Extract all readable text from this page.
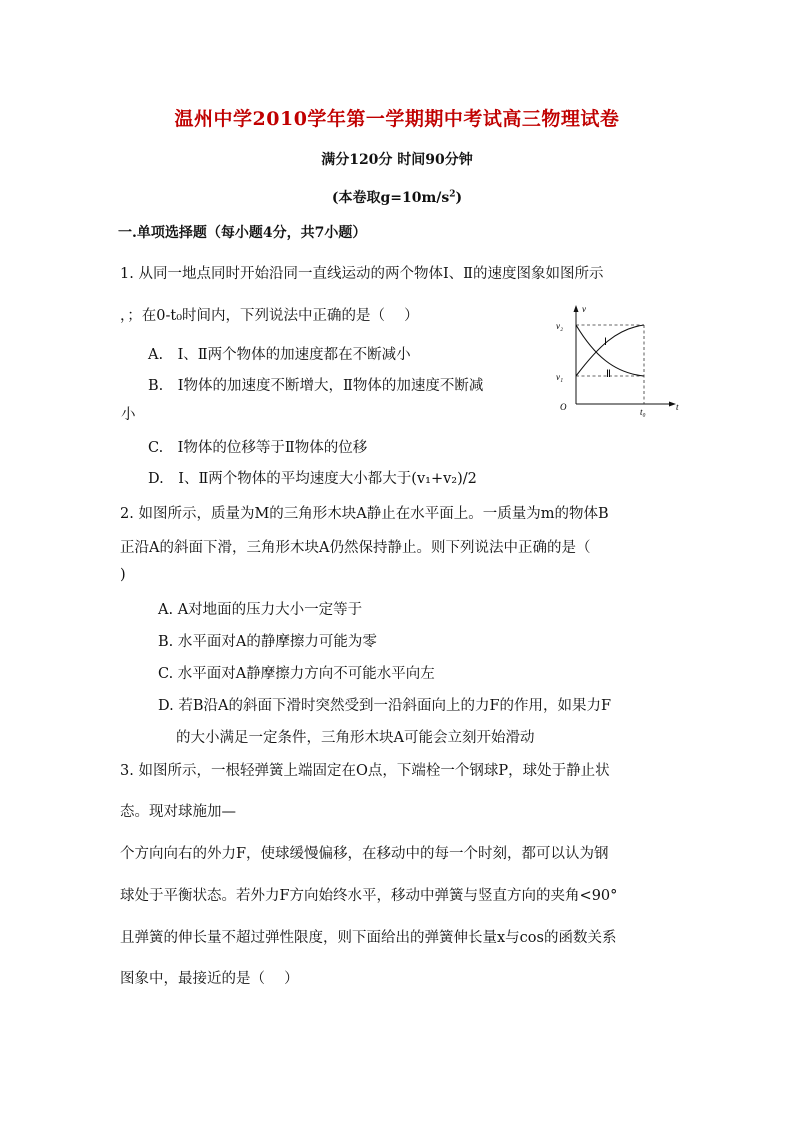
温州中学2010学年第一学期期中考试高三物理试卷
满分120分 时间90分钟
(本卷取$g=10m/s^2$)
一.单项选择题（每小题4分，共7小题）
1. 从同一地点同时开始沿同一直线运动的两个物体Ⅰ、Ⅱ的速度图象如图所示
，；在0-t₀时间内，下列说法中正确的是（　 ）
A.　Ⅰ、Ⅱ两个物体的加速度都在不断减小
B.　Ⅰ物体的加速度不断增大，Ⅱ物体的加速度不断减
小
C.　Ⅰ物体的位移等于Ⅱ物体的位移
D.　Ⅰ、Ⅱ两个物体的平均速度大小都大于(v₁+v₂)/2
v
t
O
v₂
v₁
t₀
Ⅰ
Ⅱ
2. 如图所示，质量为M的三角形木块A静止在水平面上。一质量为m的物体B
正沿A的斜面下滑，三角形木块A仍然保持静止。则下列说法中正确的是（
)
A. A对地面的压力大小一定等于
B. 水平面对A的静摩擦力可能为零
C. 水平面对A静摩擦力方向不可能水平向左
D. 若B沿A的斜面下滑时突然受到一沿斜面向上的力F的作用，如果力F
的大小满足一定条件，三角形木块A可能会立刻开始滑动
3. 如图所示，一根轻弹簧上端固定在O点，下端栓一个钢球P，球处于静止状
态。现对球施加—
个方向向右的外力F，使球缓慢偏移，在移动中的每一个时刻，都可以认为钢
球处于平衡状态。若外力F方向始终水平，移动中弹簧与竖直方向的夹角<90°
且弹簧的伸长量不超过弹性限度，则下面给出的弹簧伸长量x与cos的函数关系
图象中，最接近的是（　 ）
